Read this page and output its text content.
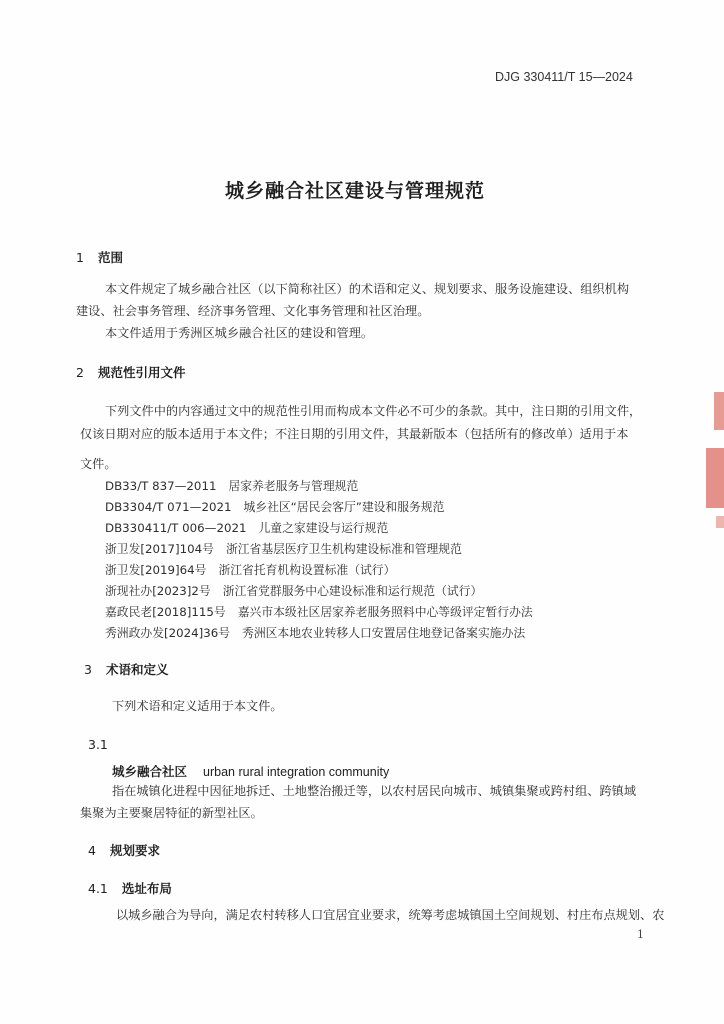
DJG 330411/T 15—2024
城乡融合社区建设与管理规范
1 范围
本文件规定了城乡融合社区（以下简称社区）的术语和定义、规划要求、服务设施建设、组织机构
建设、社会事务管理、经济事务管理、文化事务管理和社区治理。
本文件适用于秀洲区城乡融合社区的建设和管理。
2 规范性引用文件
下列文件中的内容通过文中的规范性引用而构成本文件必不可少的条款。其中，注日期的引用文件，
仅该日期对应的版本适用于本文件；不注日期的引用文件，其最新版本（包括所有的修改单）适用于本
文件。
DB33/T 837—2011 居家养老服务与管理规范
DB3304/T 071—2021 城乡社区“居民会客厅”建设和服务规范
DB330411/T 006—2021 儿童之家建设与运行规范
浙卫发[2017]104号 浙江省基层医疗卫生机构建设标准和管理规范
浙卫发[2019]64号 浙江省托育机构设置标准（试行）
浙现社办[2023]2号 浙江省党群服务中心建设标准和运行规范（试行）
嘉政民老[2018]115号 嘉兴市本级社区居家养老服务照料中心等级评定暂行办法
秀洲政办发[2024]36号 秀洲区本地农业转移人口安置居住地登记备案实施办法
3 术语和定义
下列术语和定义适用于本文件。
3.1
城乡融合社区 urban rural integration community
指在城镇化进程中因征地拆迁、土地整治搬迁等，以农村居民向城市、城镇集聚或跨村组、跨镇域
集聚为主要聚居特征的新型社区。
4 规划要求
4.1 选址布局
以城乡融合为导向，满足农村转移人口宜居宜业要求，统筹考虑城镇国土空间规划、村庄布点规划、农
1
